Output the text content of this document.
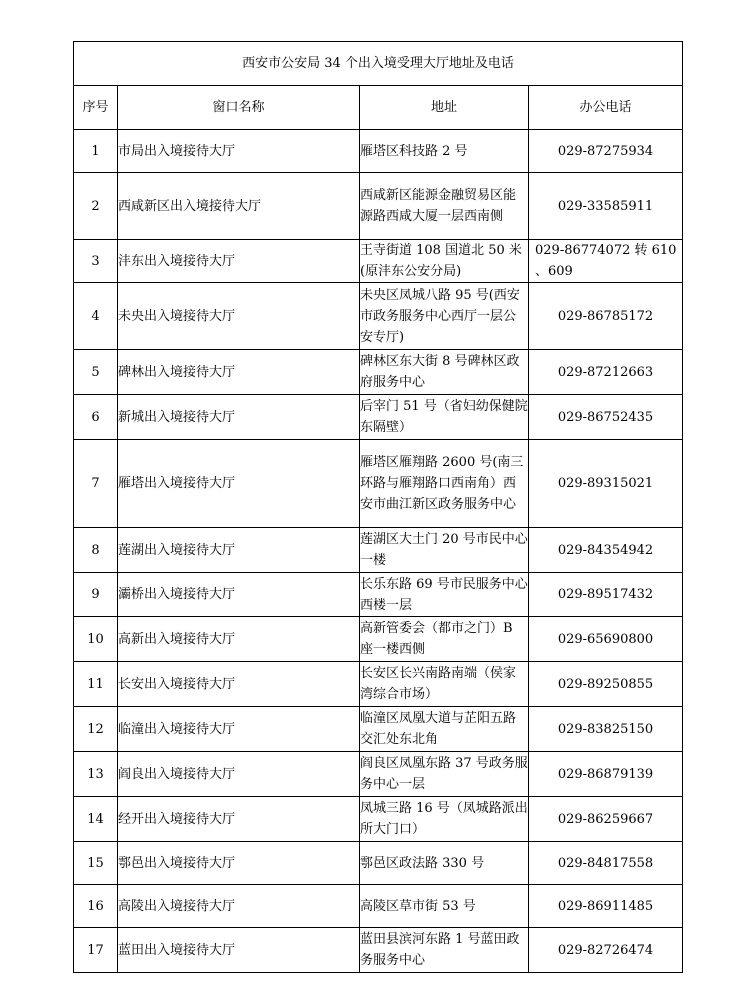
西安市公安局 34 个出入境受理大厅地址及电话			
序号	窗口名称	地址	办公电话
1	市局出入境接待大厅	雁塔区科技路 2 号	029-87275934
2	西咸新区出入境接待大厅	西咸新区能源金融贸易区能源路西咸大厦一层西南侧	029-33585911
3	沣东出入境接待大厅	王寺街道 108 国道北 50 米(原沣东公安分局)	029-86774072 转 610 、609
4	未央出入境接待大厅	未央区凤城八路 95 号(西安市政务服务中心西厅一层公安专厅)	029-86785172
5	碑林出入境接待大厅	碑林区东大街 8 号碑林区政府服务中心	029-87212663
6	新城出入境接待大厅	后宰门 51 号（省妇幼保健院东隔壁）	029-86752435
7	雁塔出入境接待大厅	雁塔区雁翔路 2600 号(南三环路与雁翔路口西南角）西安市曲江新区政务服务中心	029-89315021
8	莲湖出入境接待大厅	莲湖区大土门 20 号市民中心一楼	029-84354942
9	灞桥出入境接待大厅	长乐东路 69 号市民服务中心西楼一层	029-89517432
10	高新出入境接待大厅	高新管委会（都市之门）B 座一楼西侧	029-65690800
11	长安出入境接待大厅	长安区长兴南路南端（侯家湾综合市场）	029-89250855
12	临潼出入境接待大厅	临潼区凤凰大道与芷阳五路交汇处东北角	029-83825150
13	阎良出入境接待大厅	阎良区凤凰东路 37 号政务服务中心一层	029-86879139
14	经开出入境接待大厅	凤城三路 16 号（凤城路派出所大门口）	029-86259667
15	鄠邑出入境接待大厅	鄠邑区政法路 330 号	029-84817558
16	高陵出入境接待大厅	高陵区草市街 53 号	029-86911485
17	蓝田出入境接待大厅	蓝田县滨河东路 1 号蓝田政务服务中心	029-82726474
